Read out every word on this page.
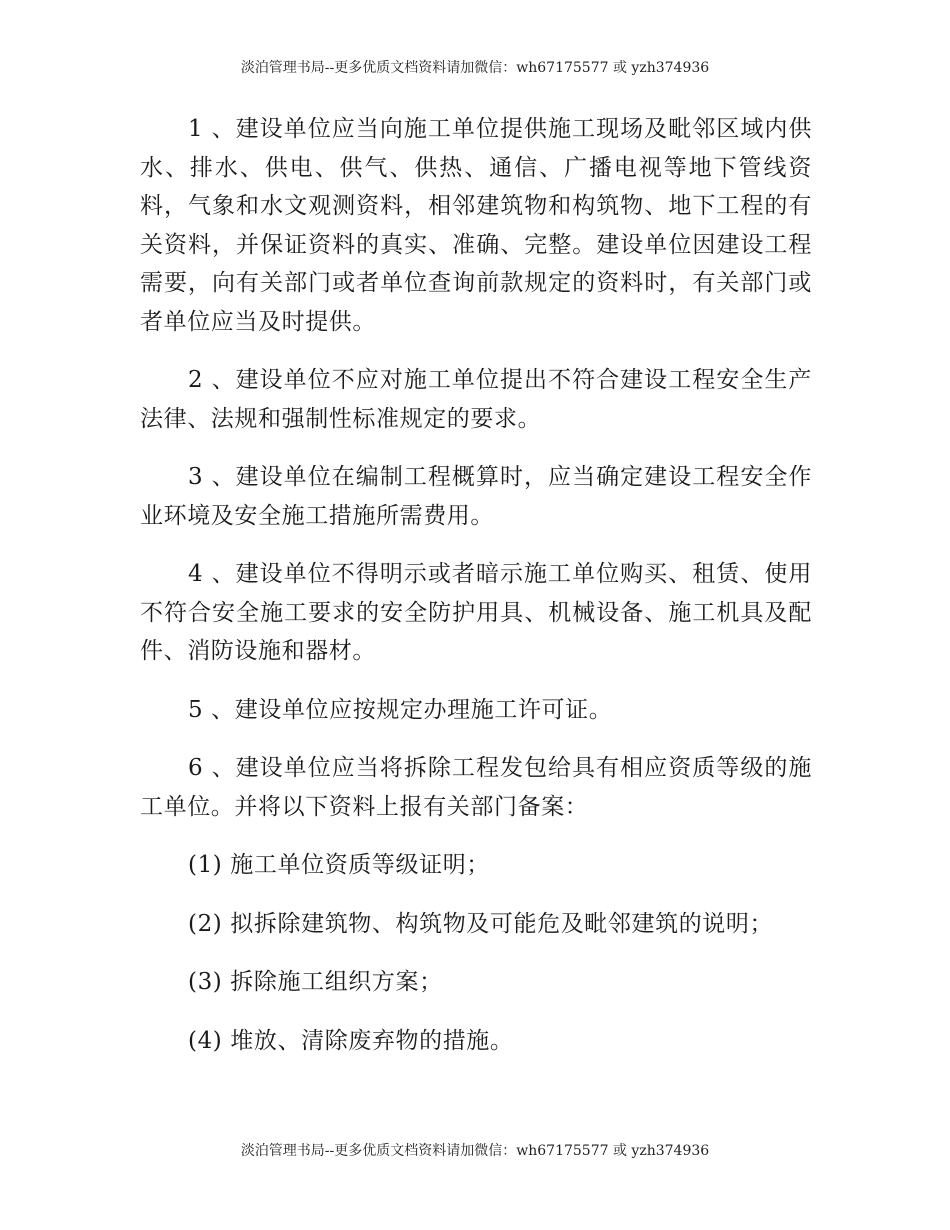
淡泊管理书局--更多优质文档资料请加微信：wh67175577 或 yzh374936

1 、建设单位应当向施工单位提供施工现场及毗邻区域内供水、排水、供电、供气、供热、通信、广播电视等地下管线资料，气象和水文观测资料，相邻建筑物和构筑物、地下工程的有关资料，并保证资料的真实、准确、完整。建设单位因建设工程需要，向有关部门或者单位查询前款规定的资料时，有关部门或者单位应当及时提供。

2 、建设单位不应对施工单位提出不符合建设工程安全生产法律、法规和强制性标准规定的要求。

3 、建设单位在编制工程概算时，应当确定建设工程安全作业环境及安全施工措施所需费用。

4 、建设单位不得明示或者暗示施工单位购买、租赁、使用不符合安全施工要求的安全防护用具、机械设备、施工机具及配件、消防设施和器材。

5 、建设单位应按规定办理施工许可证。

6 、建设单位应当将拆除工程发包给具有相应资质等级的施工单位。并将以下资料上报有关部门备案：

(1) 施工单位资质等级证明；

(2) 拟拆除建筑物、构筑物及可能危及毗邻建筑的说明；

(3) 拆除施工组织方案；

(4) 堆放、清除废弃物的措施。

淡泊管理书局--更多优质文档资料请加微信：wh67175577 或 yzh374936
